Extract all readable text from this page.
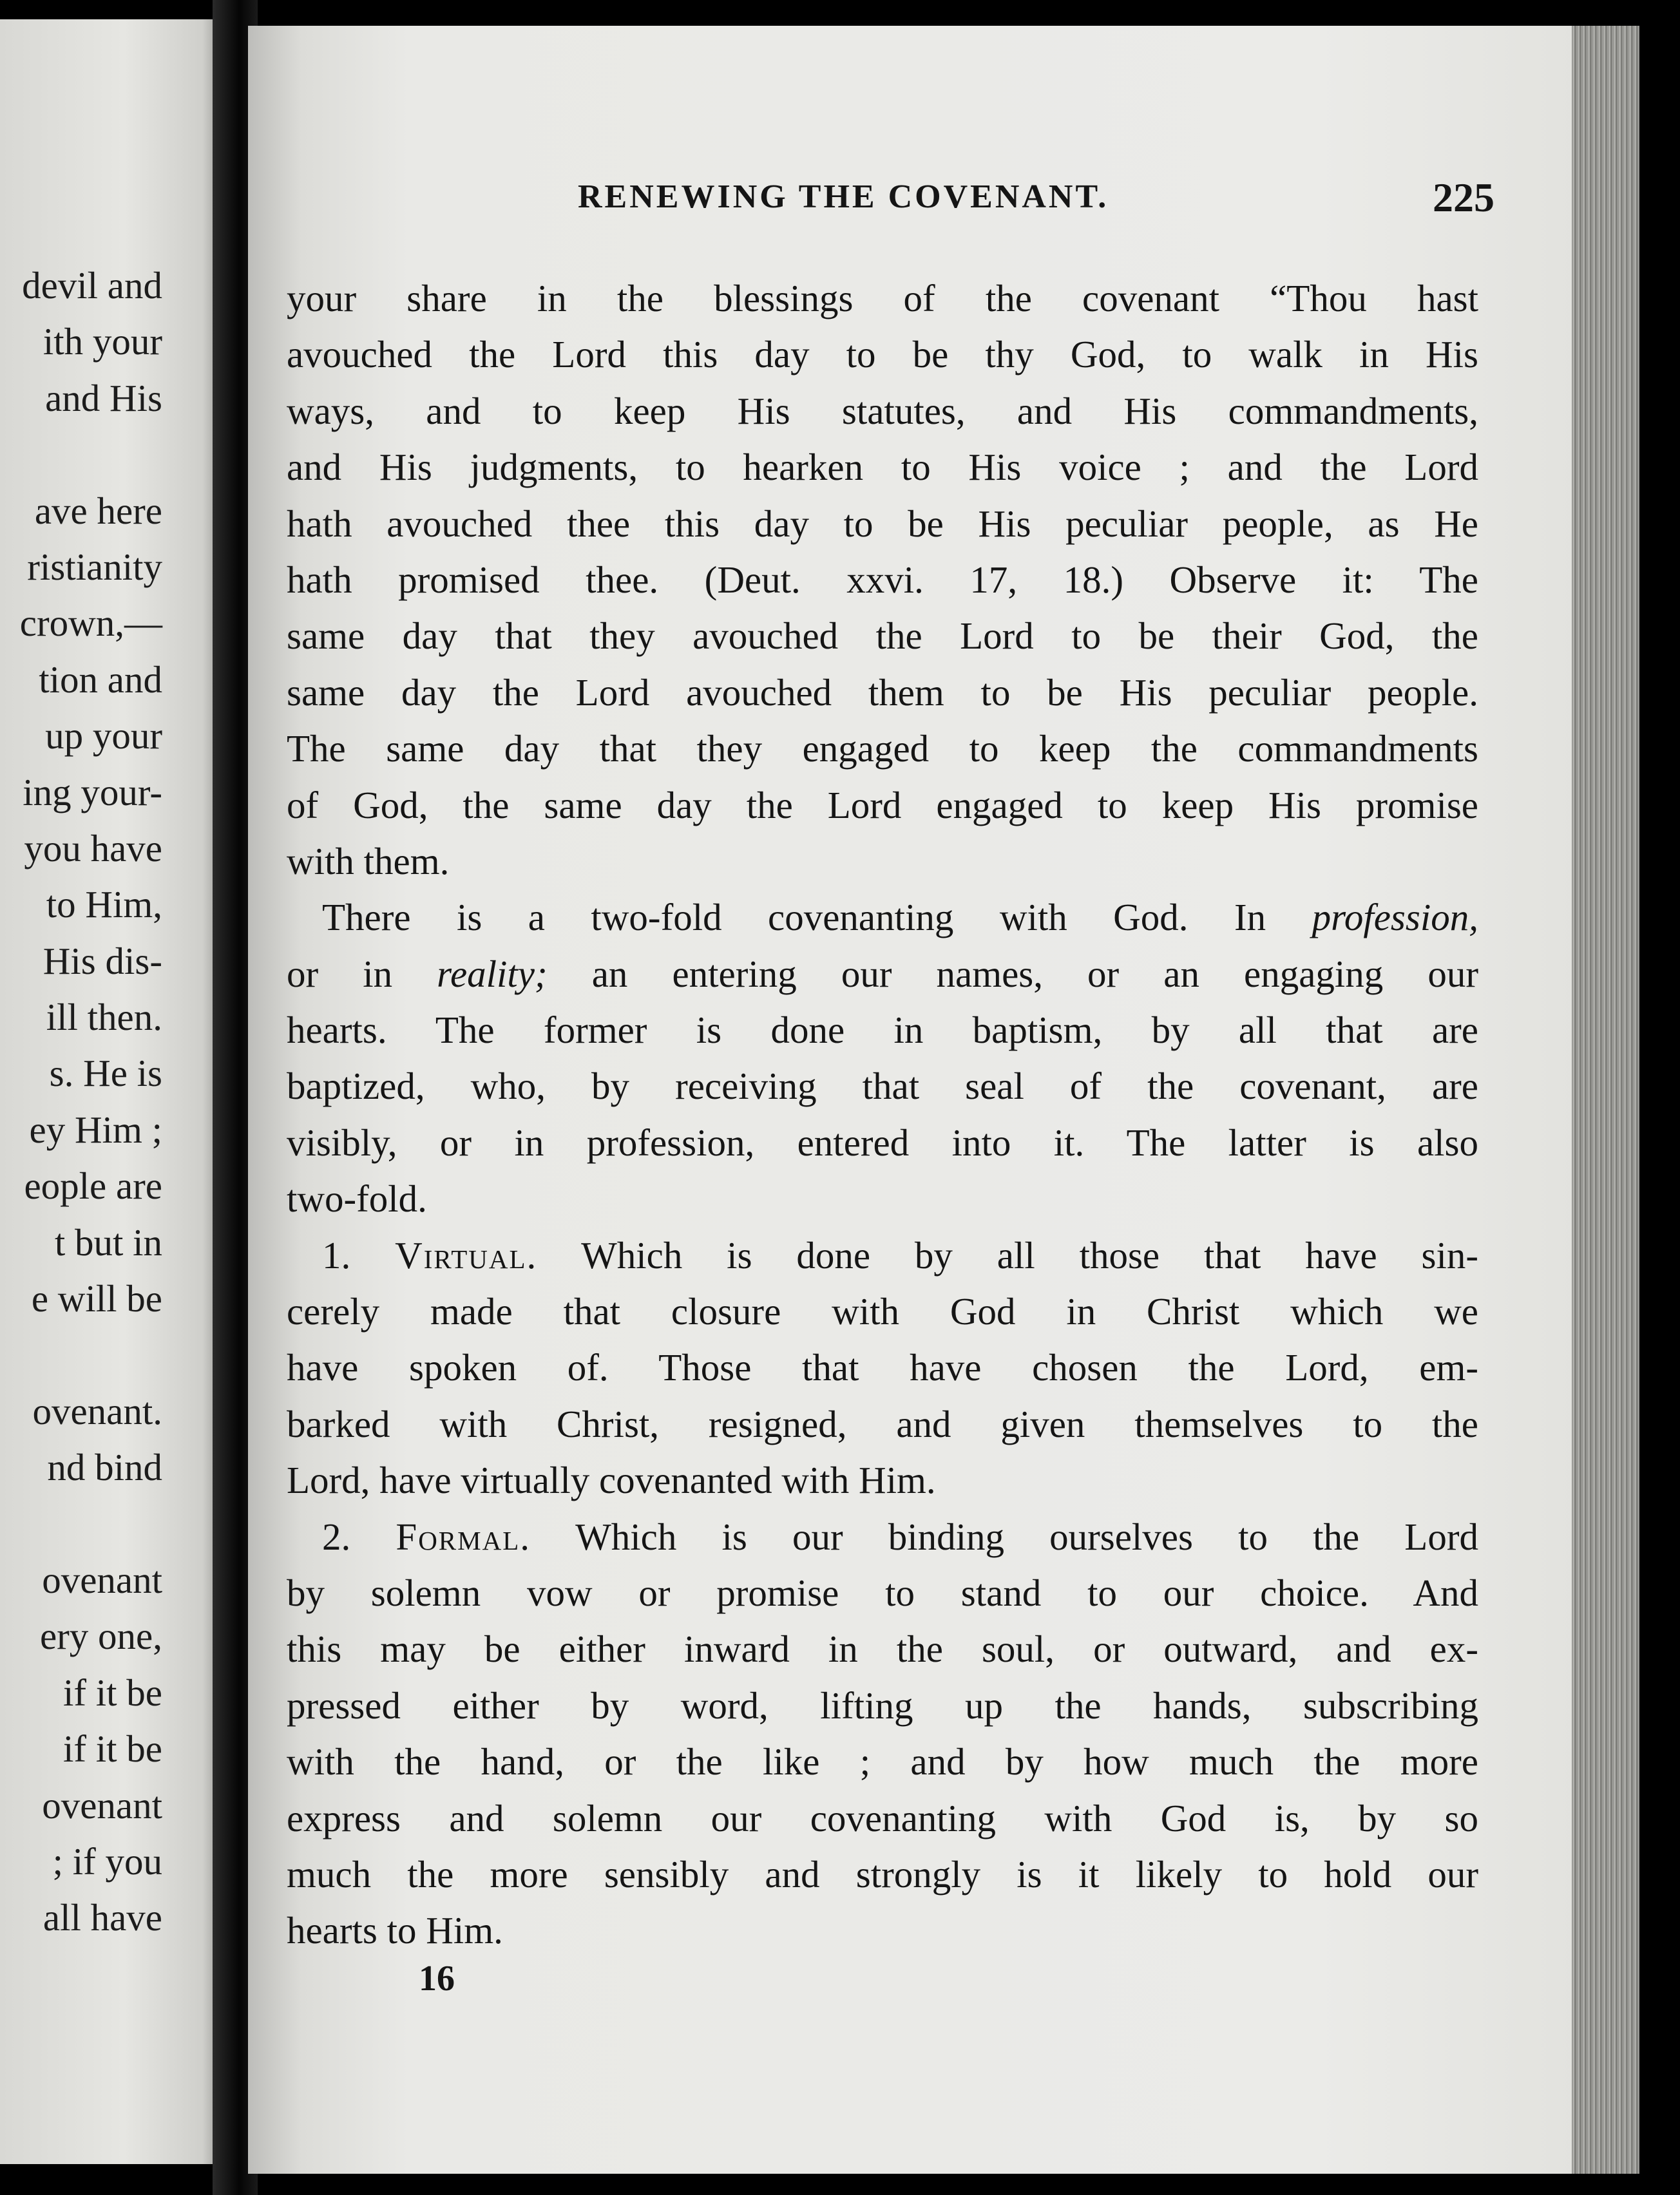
devil and
ith your
and His
ave here
ristianity
crown,—
tion and
up your
ing your-
you have
to Him,
His dis-
ill then.
s. He is
ey Him ;
eople are
t but in
e will be
ovenant.
nd bind
ovenant
ery one,
if it be
if it be
ovenant
; if you
all have
RENEWING THE COVENANT.	225
your share in the blessings of the covenant “Thou hast
avouched the Lord this day to be thy God, to walk in His
ways, and to keep His statutes, and His commandments,
and His judgments, to hearken to His voice ; and the Lord
hath avouched thee this day to be His peculiar people, as He
hath promised thee. (Deut. xxvi. 17, 18.) Observe it: The
same day that they avouched the Lord to be their God, the
same day the Lord avouched them to be His peculiar people.
The same day that they engaged to keep the commandments
of God, the same day the Lord engaged to keep His promise
with them.
There is a two-fold covenanting with God. In profession,
or in reality; an entering our names, or an engaging our
hearts. The former is done in baptism, by all that are
baptized, who, by receiving that seal of the covenant, are
visibly, or in profession, entered into it. The latter is also
two-fold.
1. Virtual. Which is done by all those that have sin-
cerely made that closure with God in Christ which we
have spoken of. Those that have chosen the Lord, em-
barked with Christ, resigned, and given themselves to the
Lord, have virtually covenanted with Him.
2. Formal. Which is our binding ourselves to the Lord
by solemn vow or promise to stand to our choice. And
this may be either inward in the soul, or outward, and ex-
pressed either by word, lifting up the hands, subscribing
with the hand, or the like ; and by how much the more
express and solemn our covenanting with God is, by so
much the more sensibly and strongly is it likely to hold our
hearts to Him.
16
